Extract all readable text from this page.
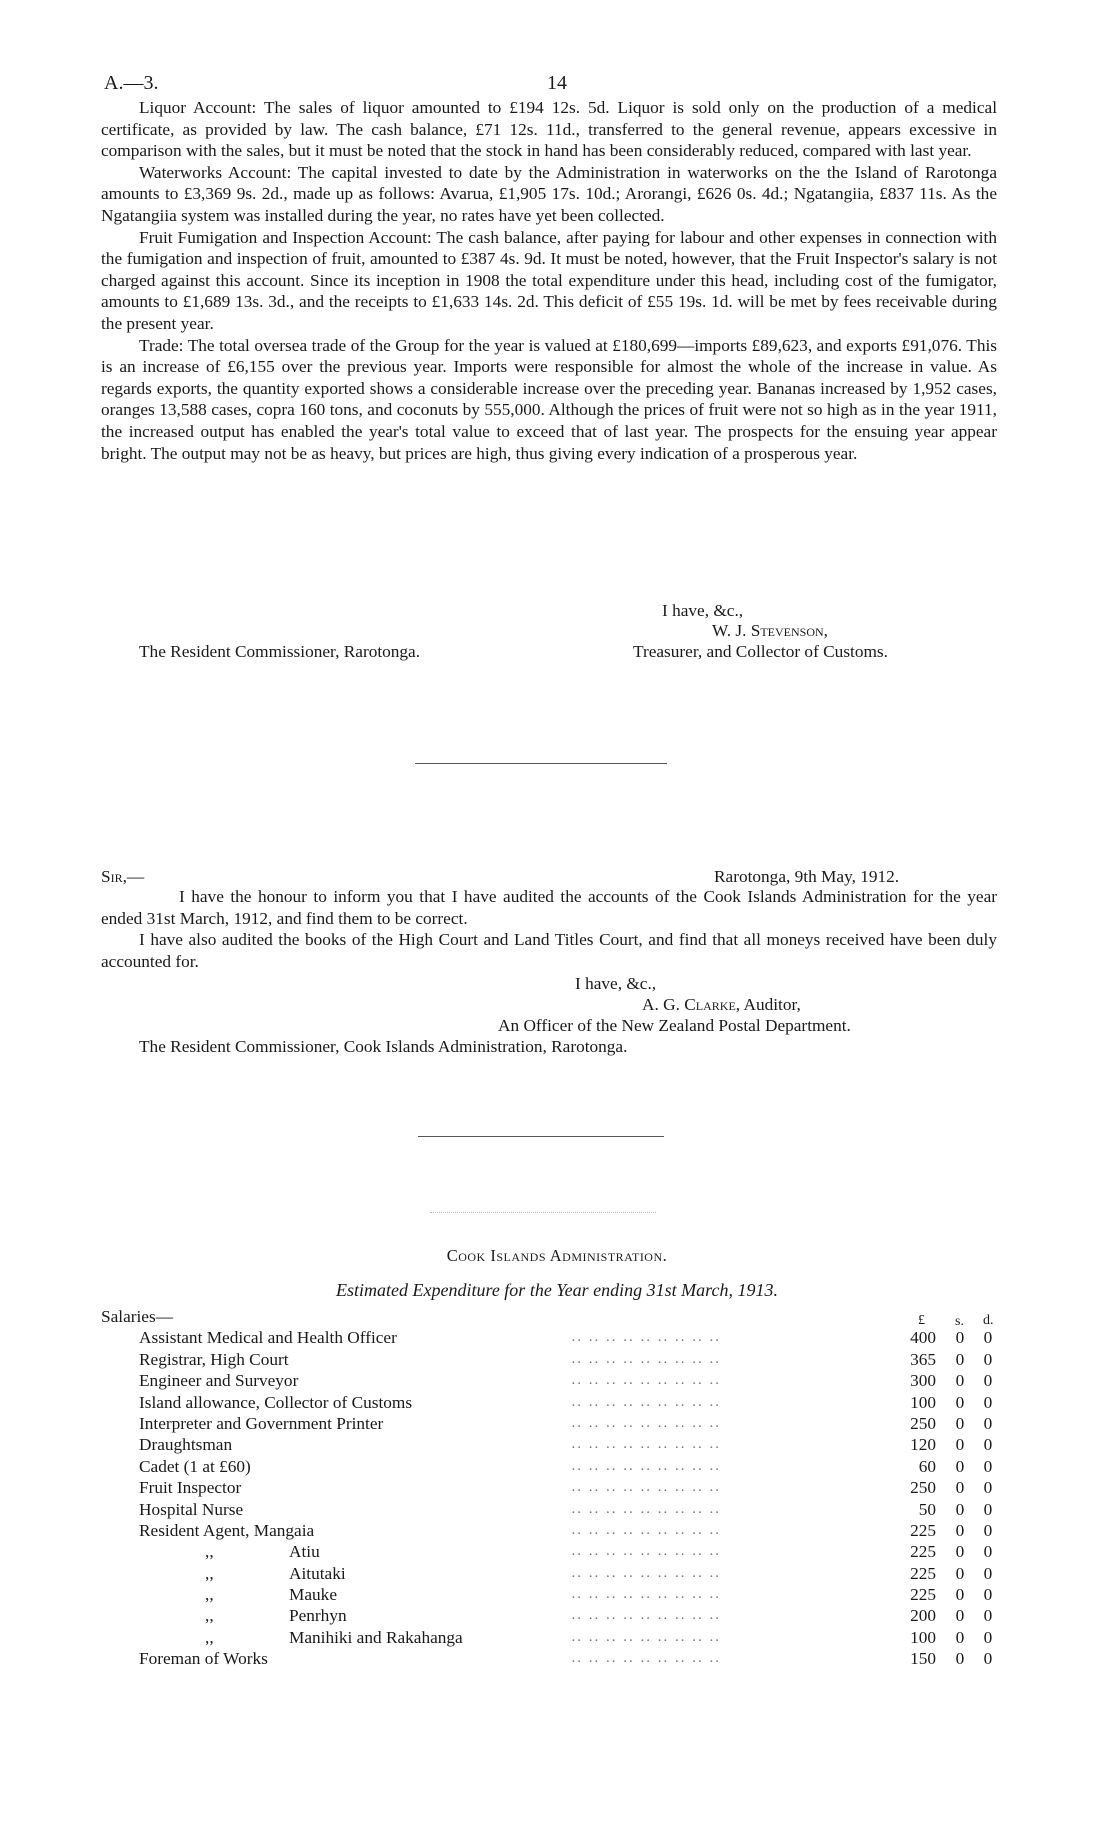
A.—3.	14

Liquor Account: The sales of liquor amounted to £194 12s. 5d. Liquor is sold only on the production of a medical certificate, as provided by law. The cash balance, £71 12s. 11d., transferred to the general revenue, appears excessive in comparison with the sales, but it must be noted that the stock in hand has been considerably reduced, compared with last year.

Waterworks Account: The capital invested to date by the Administration in waterworks on the the Island of Rarotonga amounts to £3,369 9s. 2d., made up as follows: Avarua, £1,905 17s. 10d.; Arorangi, £626 0s. 4d.; Ngatangiia, £837 11s. As the Ngatangiia system was installed during the year, no rates have yet been collected.

Fruit Fumigation and Inspection Account: The cash balance, after paying for labour and other expenses in connection with the fumigation and inspection of fruit, amounted to £387 4s. 9d. It must be noted, however, that the Fruit Inspector's salary is not charged against this account. Since its inception in 1908 the total expenditure under this head, including cost of the fumigator, amounts to £1,689 13s. 3d., and the receipts to £1,633 14s. 2d. This deficit of £55 19s. 1d. will be met by fees receivable during the present year.

Trade: The total oversea trade of the Group for the year is valued at £180,699—imports £89,623, and exports £91,076. This is an increase of £6,155 over the previous year. Imports were responsible for almost the whole of the increase in value. As regards exports, the quantity exported shows a considerable increase over the preceding year. Bananas increased by 1,952 cases, oranges 13,588 cases, copra 160 tons, and coconuts by 555,000. Although the prices of fruit were not so high as in the year 1911, the increased output has enabled the year's total value to exceed that of last year. The prospects for the ensuing year appear bright. The output may not be as heavy, but prices are high, thus giving every indication of a prosperous year.

I have, &c.,
W. J. Stevenson,
Treasurer, and Collector of Customs.
The Resident Commissioner, Rarotonga.
Sir,—	Rarotonga, 9th May, 1912.

I have the honour to inform you that I have audited the accounts of the Cook Islands Administration for the year ended 31st March, 1912, and find them to be correct.

I have also audited the books of the High Court and Land Titles Court, and find that all moneys received have been duly accounted for.

I have, &c.,
A. G. Clarke, Auditor,
An Officer of the New Zealand Postal Department.
The Resident Commissioner, Cook Islands Administration, Rarotonga.
Cook Islands Administration.
Estimated Expenditure for the Year ending 31st March, 1913.
Salaries—	£ s. d.
Assistant Medical and Health Officer	.. .. .. .. .. .. .. .. ..	400 0 0
Registrar, High Court	.. .. .. .. .. .. .. .. ..	365 0 0
Engineer and Surveyor	.. .. .. .. .. .. .. .. ..	300 0 0
Island allowance, Collector of Customs	.. .. .. .. .. .. .. .. ..	100 0 0
Interpreter and Government Printer	.. .. .. .. .. .. .. .. ..	250 0 0
Draughtsman	.. .. .. .. .. .. .. .. ..	120 0 0
Cadet (1 at £60)	.. .. .. .. .. .. .. .. ..	60 0 0
Fruit Inspector	.. .. .. .. .. .. .. .. ..	250 0 0
Hospital Nurse	.. .. .. .. .. .. .. .. ..	50 0 0
Resident Agent, Mangaia	.. .. .. .. .. .. .. .. ..	225 0 0
,,	Atiu	.. .. .. .. .. .. .. .. ..	225 0 0
,,	Aitutaki	.. .. .. .. .. .. .. .. ..	225 0 0
,,	Mauke	.. .. .. .. .. .. .. .. ..	225 0 0
,,	Penrhyn	.. .. .. .. .. .. .. .. ..	200 0 0
,,	Manihiki and Rakahanga	.. .. .. .. .. .. .. .. ..	100 0 0
Foreman of Works	.. .. .. .. .. .. .. .. ..	150 0 0
